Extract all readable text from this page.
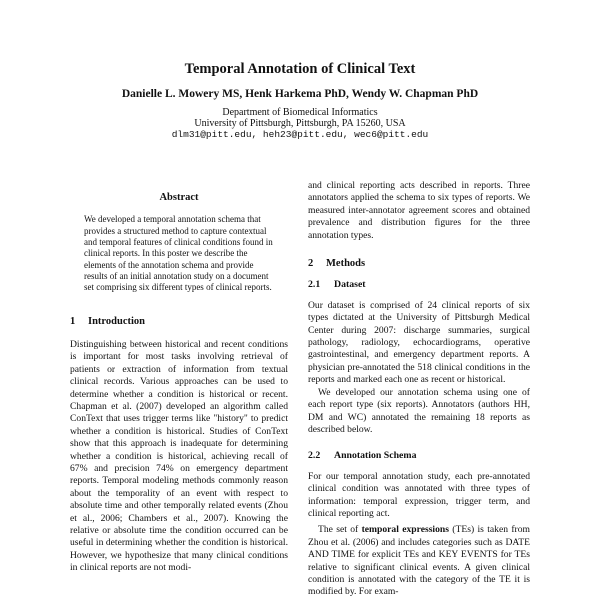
Temporal Annotation of Clinical Text
Danielle L. Mowery MS, Henk Harkema PhD, Wendy W. Chapman PhD
Department of Biomedical Informatics
University of Pittsburgh, Pittsburgh, PA 15260, USA
dlm31@pitt.edu, heh23@pitt.edu, wec6@pitt.edu
Abstract

We developed a temporal annotation schema that provides a structured method to capture contextual and temporal features of clinical conditions found in clinical reports. In this poster we describe the elements of the annotation schema and provide results of an initial annotation study on a document set comprising six different types of clinical reports.

1 Introduction

Distinguishing between historical and recent conditions is important for most tasks involving retrieval of patients or extraction of information from textual clinical records. Various approaches can be used to determine whether a condition is historical or recent. Chapman et al. (2007) developed an algorithm called ConText that uses trigger terms like "history" to predict whether a condition is historical. Studies of ConText show that this approach is inadequate for determining whether a condition is historical, achieving recall of 67% and precision 74% on emergency department reports. Temporal modeling methods commonly reason about the temporality of an event with respect to absolute time and other temporally related events (Zhou et al., 2006; Chambers et al., 2007). Knowing the relative or absolute time the condition occurred can be useful in determining whether the condition is historical. However, we hypothesize that many clinical conditions in clinical reports are not modi-

and clinical reporting acts described in reports. Three annotators applied the schema to six types of reports. We measured inter-annotator agreement scores and obtained prevalence and distribution figures for the three annotation types.

2 Methods
2.1 Dataset

Our dataset is comprised of 24 clinical reports of six types dictated at the University of Pittsburgh Medical Center during 2007: discharge summaries, surgical pathology, radiology, echocardiograms, operative gastrointestinal, and emergency department reports. A physician pre-annotated the 518 clinical conditions in the reports and marked each one as recent or historical.

We developed our annotation schema using one of each report type (six reports). Annotators (authors HH, DM and WC) annotated the remaining 18 reports as described below.

2.2 Annotation Schema

For our temporal annotation study, each pre-annotated clinical condition was annotated with three types of information: temporal expression, trigger term, and clinical reporting act.

The set of temporal expressions (TEs) is taken from Zhou et al. (2006) and includes categories such as DATE AND TIME for explicit TEs and KEY EVENTS for TEs relative to significant clinical events. A given clinical condition is annotated with the category of the TE it is modified by. For exam-
